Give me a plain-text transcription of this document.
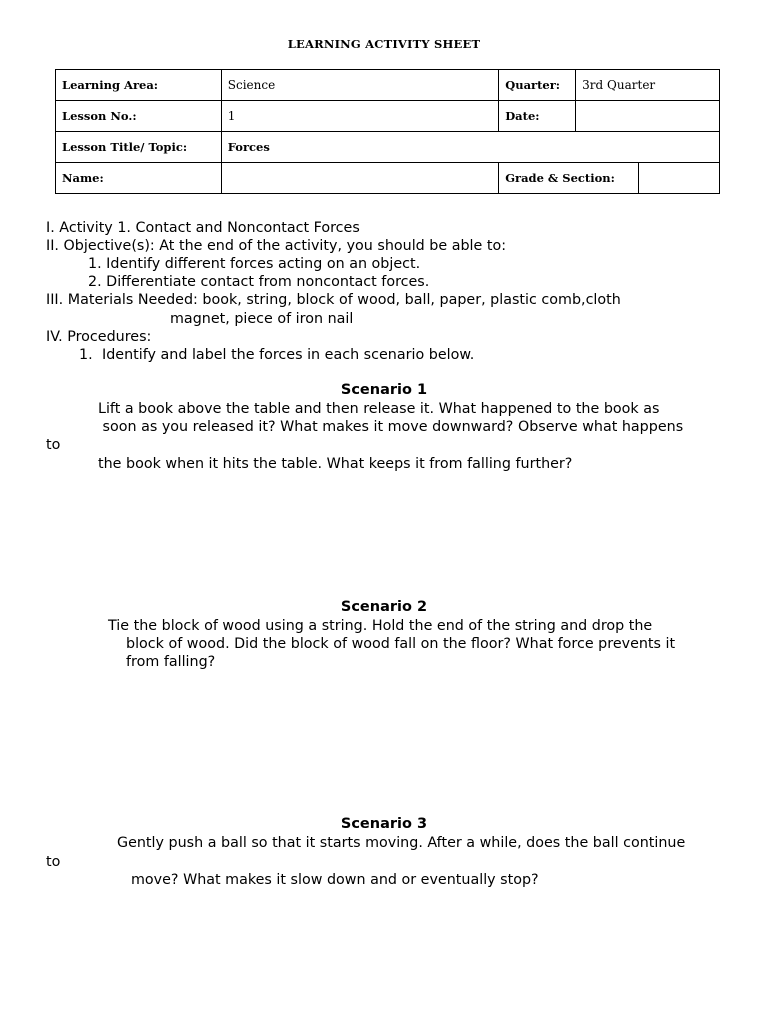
LEARNING ACTIVITY SHEET
Learning Area:	Science	Quarter:	3rd Quarter	
Lesson No.:	1	Date:		
Lesson Title/ Topic:	Forces			
Name:		Grade & Section:		
I. Activity 1. Contact and Noncontact Forces
II. Objective(s): At the end of the activity, you should be able to:
1. Identify different forces acting on an object.
2. Differentiate contact from noncontact forces.
III. Materials Needed: book, string, block of wood, ball, paper, plastic comb,cloth
magnet, piece of iron nail
IV. Procedures:
1. Identify and label the forces in each scenario below.
Scenario 1
Lift a book above the table and then release it. What happened to the book as
soon as you released it? What makes it move downward? Observe what happens
to
the book when it hits the table. What keeps it from falling further?
Scenario 2
Tie the block of wood using a string. Hold the end of the string and drop the
block of wood. Did the block of wood fall on the floor? What force prevents it
from falling?
Scenario 3
Gently push a ball so that it starts moving. After a while, does the ball continue
to
move? What makes it slow down and or eventually stop?
